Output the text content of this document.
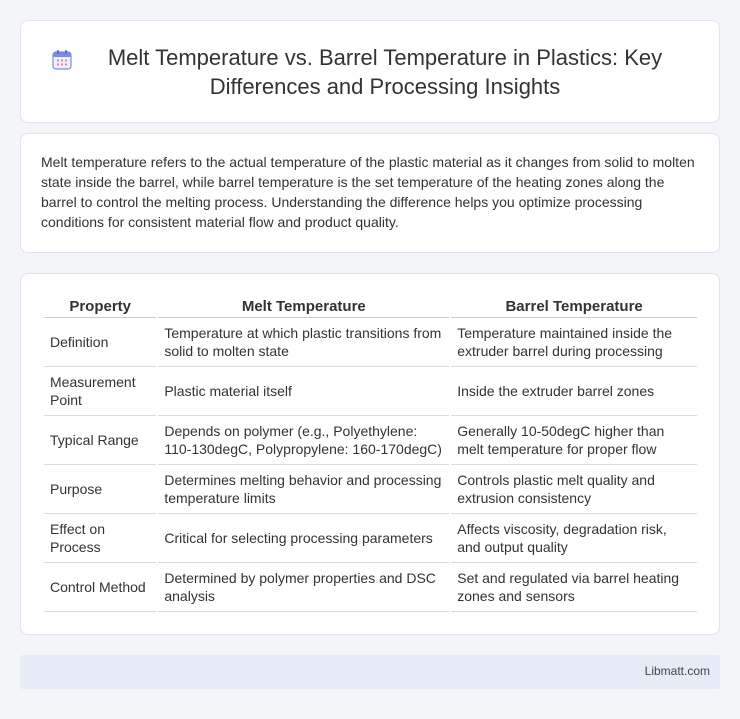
Melt Temperature vs. Barrel Temperature in Plastics: Key Differences and Processing Insights

Melt temperature refers to the actual temperature of the plastic material as it changes from solid to molten state inside the barrel, while barrel temperature is the set temperature of the heating zones along the barrel to control the melting process. Understanding the difference helps you optimize processing conditions for consistent material flow and product quality.

Property	Melt Temperature	Barrel Temperature
Definition	Temperature at which plastic transitions from solid to molten state	Temperature maintained inside the extruder barrel during processing
Measurement Point	Plastic material itself	Inside the extruder barrel zones
Typical Range	Depends on polymer (e.g., Polyethylene: 110-130degC, Polypropylene: 160-170degC)	Generally 10-50degC higher than melt temperature for proper flow
Purpose	Determines melting behavior and processing temperature limits	Controls plastic melt quality and extrusion consistency
Effect on Process	Critical for selecting processing parameters	Affects viscosity, degradation risk, and output quality
Control Method	Determined by polymer properties and DSC analysis	Set and regulated via barrel heating zones and sensors
Libmatt.com
